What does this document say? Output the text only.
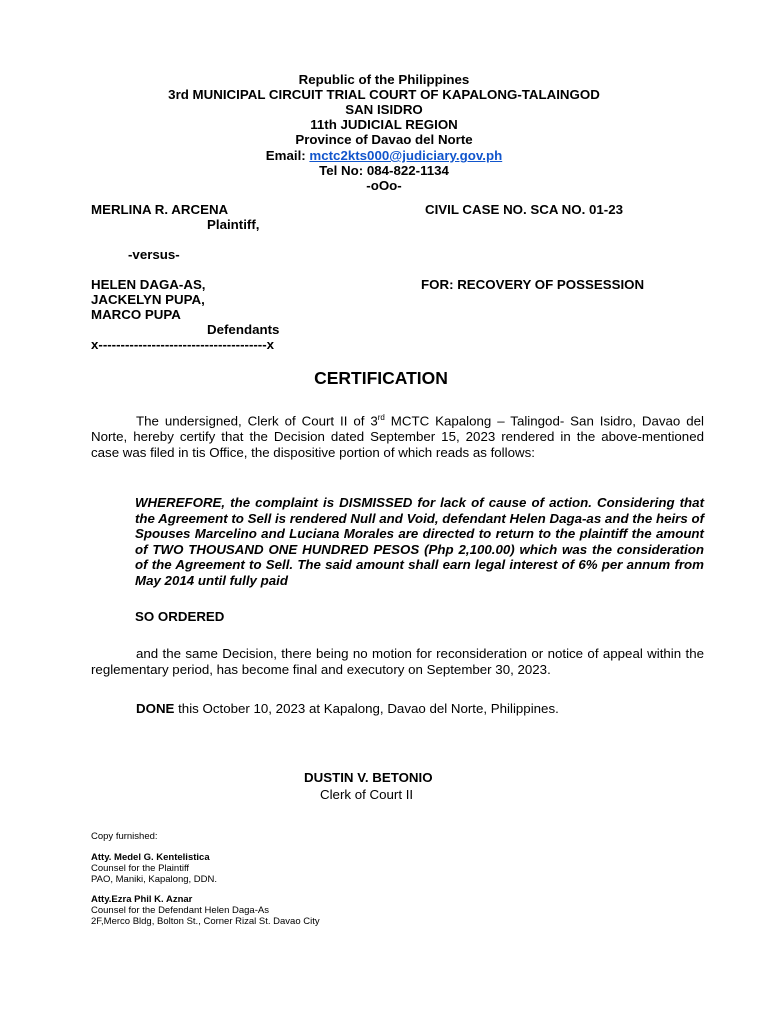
Republic of the Philippines
3rd MUNICIPAL CIRCUIT TRIAL COURT OF KAPALONG-TALAINGOD
SAN ISIDRO
11th JUDICIAL REGION
Province of Davao del Norte
Email: mctc2kts000@judiciary.gov.ph
Tel No: 084-822-1134
-oOo-
MERLINA R. ARCENA	CIVIL CASE NO. SCA NO. 01-23
Plaintiff,
-versus-
HELEN DAGA-AS,	FOR: RECOVERY OF POSSESSION
JACKELYN PUPA,
MARCO PUPA
Defendants
x--------------------------------------x
CERTIFICATION
The undersigned, Clerk of Court II of 3rd MCTC Kapalong – Talingod- San Isidro, Davao del Norte, hereby certify that the Decision dated September 15, 2023 rendered in the above-mentioned case was filed in tis Office, the dispositive portion of which reads as follows:
WHEREFORE, the complaint is DISMISSED for lack of cause of action. Considering that the Agreement to Sell is rendered Null and Void, defendant Helen Daga-as and the heirs of Spouses Marcelino and Luciana Morales are directed to return to the plaintiff the amount of TWO THOUSAND ONE HUNDRED PESOS (Php 2,100.00) which was the consideration of the Agreement to Sell. The said amount shall earn legal interest of 6% per annum from May 2014 until fully paid
SO ORDERED
and the same Decision, there being no motion for reconsideration or notice of appeal within the reglementary period, has become final and executory on September 30, 2023.
DONE this October 10, 2023 at Kapalong, Davao del Norte, Philippines.
DUSTIN V. BETONIO
Clerk of Court II
Copy furnished:
Atty. Medel G. Kentelistica
Counsel for the Plaintiff
PAO, Maniki, Kapalong, DDN.
Atty.Ezra Phil K. Aznar
Counsel for the Defendant Helen Daga-As
2F,Merco Bldg, Bolton St., Corner Rizal St. Davao City
